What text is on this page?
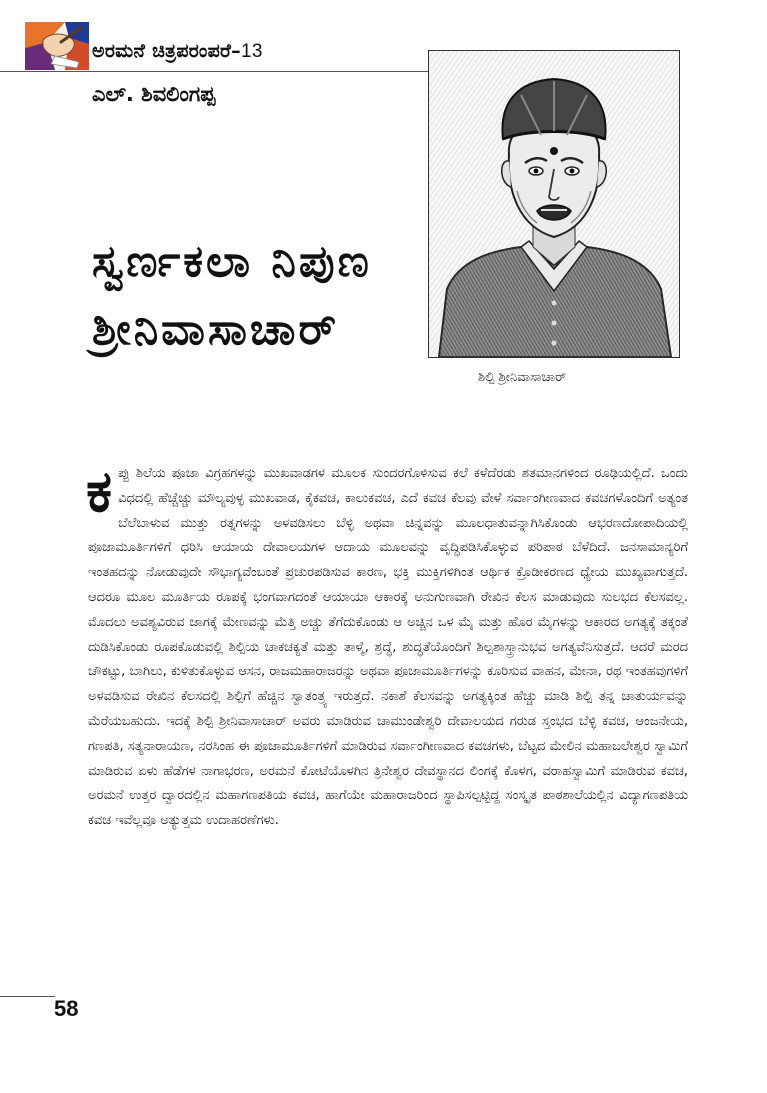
ಅರಮನೆ ಚಿತ್ರಪರಂಪರೆ–13
ಎಲ್‌. ಶಿವಲಿಂಗಪ್ಪ
ಸ್ವರ್ಣಕಲಾ ನಿಪುಣ
ಶ್ರೀನಿವಾಸಾಚಾರ್
ಶಿಲ್ಪಿ ಶ್ರೀನಿವಾಸಾಚಾರ್
ಕಪ್ಪು ಶಿಲೆಯ ಪೂಜಾ ವಿಗ್ರಹಗಳನ್ನು ಮುಖವಾಡಗಳ ಮೂಲಕ ಸುಂದರಗೊಳಿಸುವ ಕಲೆ ಕಳೆದೆರಡು ಶತಮಾನಗಳಿಂದ ರೂಢಿಯಲ್ಲಿದೆ. ಒಂದು ವಿಧದಲ್ಲಿ ಹೆಚ್ಚೆಚ್ಚು ಮೌಲ್ಯವುಳ್ಳ ಮುಖವಾಡ, ಕೈಕವಚ, ಕಾಲುಕವಚ, ಎದೆ ಕವಚ ಕೆಲವು ವೇಳೆ ಸರ್ವಾಂಗೀಣವಾದ ಕವಚಗಳೊಂದಿಗೆ ಅತ್ಯಂತ ಬೆಲೆಬಾಳುವ ಮುತ್ತು ರತ್ನಗಳನ್ನು ಅಳವಡಿಸಲು ಬೆಳ್ಳಿ ಅಥವಾ ಚಿನ್ನವನ್ನು ಮೂಲಧಾತುವನ್ನಾಗಿಸಿಕೊಂಡು ಆಭರಣದೋಪಾದಿಯಲ್ಲಿ ಪೂಜಾಮೂರ್ತಿಗಳಿಗೆ ಧರಿಸಿ ಆಯಾಯ ದೇವಾಲಯಗಳ ಆದಾಯ ಮೂಲವನ್ನು ವೃದ್ಧಿಪಡಿಸಿಕೊಳ್ಳುವ ಪರಿಪಾಠ ಬೆಳೆದಿದೆ. ಜನಸಾಮಾನ್ಯರಿಗೆ ಇಂತಹದನ್ನು ನೋಡುವುದೇ ಸೌಭಾಗ್ಯವೆಂಬಂತೆ ಪ್ರಚುರಪಡಿಸುವ ಕಾರಣ, ಭಕ್ತಿ ಮುಕ್ತಿಗಳಿಗಿಂತ ಆರ್ಥಿಕ ಕ್ರೊಡೀಕರಣದ ಧ್ಯೇಯ ಮುಖ್ಯವಾಗುತ್ತದೆ. ಆದರೂ ಮೂಲ ಮೂರ್ತಿಯ ರೂಪಕ್ಕೆ ಭಂಗವಾಗದಂತೆ ಆಯಾಯಾ ಆಕಾರಕ್ಕೆ ಅನುಗುಣವಾಗಿ ರೇಖಿನ ಕೆಲಸ ಮಾಡುವುದು ಸುಲಭದ ಕೆಲಸವಲ್ಲ. ಮೊದಲು ಅವಶ್ಯವಿರುವ ಜಾಗಕ್ಕೆ ಮೇಣವನ್ನು ಮೆತ್ತಿ ಅಚ್ಚು ತೆಗೆದುಕೊಂಡು ಆ ಅಚ್ಚಿನ ಒಳ ಮೈ ಮತ್ತು ಹೊರ ಮೈಗಳನ್ನು ಆಕಾರದ ಅಗತ್ಯಕ್ಕೆ ತಕ್ಕಂತೆ ದುಡಿಸಿಕೊಂಡು ರೂಪಕೊಡುವಲ್ಲಿ ಶಿಲ್ಪಿಯ ಚಾಕಚಕ್ಯತೆ ಮತ್ತು ತಾಳ್ಮೆ, ಶ್ರದ್ಧೆ, ಶುದ್ಧತೆಯೊಂದಿಗೆ ಶಿಲ್ಪಶಾಸ್ತ್ರಾನುಭವ ಅಗತ್ಯವೆನಿಸುತ್ತದೆ. ಆದರೆ ಮರದ ಚೌಕಟ್ಟು, ಬಾಗಿಲು, ಕುಳಿತುಕೊಳ್ಳುವ ಆಸನ, ರಾಜಮಹಾರಾಜರನ್ನು ಅಥವಾ ಪೂಜಾಮೂರ್ತಿಗಳನ್ನು ಕೂರಿಸುವ ವಾಹನ, ಮೇನಾ, ರಥ ಇಂತಹವುಗಳಿಗೆ ಅಳವಡಿಸುವ ರೇಖಿನ ಕೆಲಸದಲ್ಲಿ ಶಿಲ್ಪಿಗೆ ಹೆಚ್ಚಿನ ಸ್ವಾತಂತ್ರ್ಯ ಇರುತ್ತದೆ. ನಕಾಶೆ ಕೆಲಸವನ್ನು ಅಗತ್ಯಕ್ಕಿಂತ ಹೆಚ್ಚು ಮಾಡಿ ಶಿಲ್ಪಿ ತನ್ನ ಚಾತುರ್ಯವನ್ನು ಮೆರೆಯಬಹುದು. ಇದಕ್ಕೆ ಶಿಲ್ಪಿ ಶ್ರೀನಿವಾಸಾಚಾರ್ ಅವರು ಮಾಡಿರುವ ಚಾಮುಂಡೇಶ್ವರಿ ದೇವಾಲಯದ ಗರುಡ ಸ್ತಂಭದ ಬೆಳ್ಳಿ ಕವಚ, ಆಂಜನೇಯ, ಗಣಪತಿ, ಸತ್ಯನಾರಾಯಣ, ನರಸಿಂಹ ಈ ಪೂಜಾಮೂರ್ತಿಗಳಿಗೆ ಮಾಡಿರುವ ಸರ್ವಾಂಗೀಣವಾದ ಕವಚಗಳು, ಬೆಟ್ಟದ ಮೇಲಿನ ಮಹಾಬಲೇಶ್ವರ ಸ್ವಾಮಿಗೆ ಮಾಡಿರುವ ಏಳು ಹೆಡೆಗಳ ನಾಗಾಭರಣ, ಅರಮನೆ ಕೋಟೆಯೊಳಗಿನ ತ್ರಿನೇಶ್ವರ ದೇವಸ್ಥಾನದ ಲಿಂಗಕ್ಕೆ ಕೊಳಗ, ವರಾಹಸ್ವಾಮಿಗೆ ಮಾಡಿರುವ ಕವಚ, ಅರಮನೆ ಉತ್ತರ ದ್ವಾರದಲ್ಲಿನ ಮಹಾಗಣಪತಿಯ ಕವಚ, ಹಾಗೆಯೇ ಮಹಾರಾಜರಿಂದ ಸ್ಥಾಪಿಸಲ್ಪಟ್ಟಿದ್ದ ಸಂಸ್ಕೃತ ಪಾಠಶಾಲೆಯಲ್ಲಿನ ವಿದ್ಯಾಗಣಪತಿಯ ಕವಚ ಇವೆಲ್ಲವೂ ಅತ್ಯುತ್ತಮ ಉದಾಹರಣೆಗಳು.
58
